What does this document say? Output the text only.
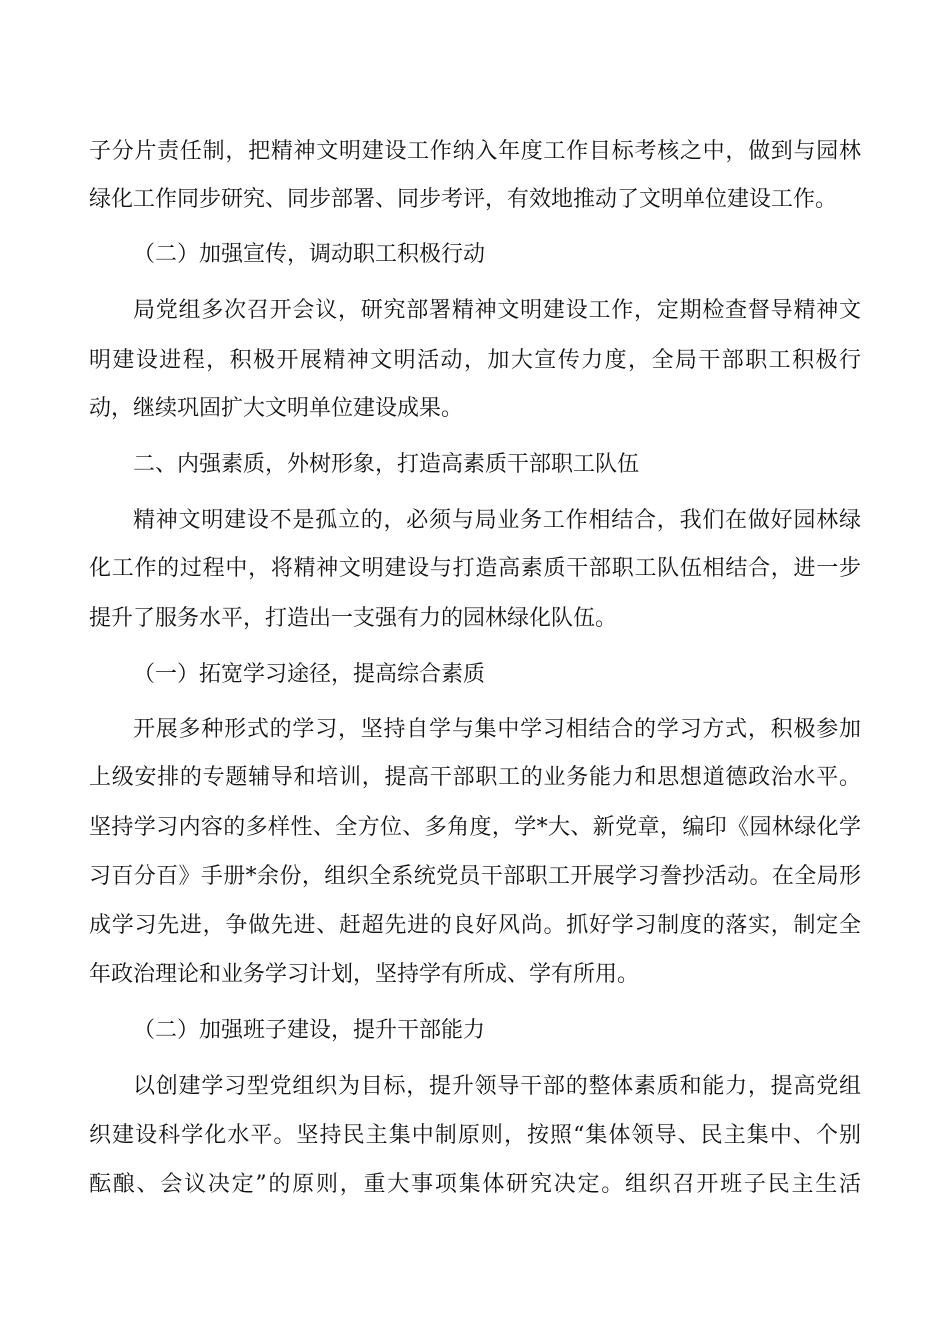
子分片责任制，把精神文明建设工作纳入年度工作目标考核之中，做到与园林
绿化工作同步研究、同步部署、同步考评，有效地推动了文明单位建设工作。
（二）加强宣传，调动职工积极行动
局党组多次召开会议，研究部署精神文明建设工作，定期检查督导精神文
明建设进程，积极开展精神文明活动，加大宣传力度，全局干部职工积极行
动，继续巩固扩大文明单位建设成果。
二、内强素质，外树形象，打造高素质干部职工队伍
精神文明建设不是孤立的，必须与局业务工作相结合，我们在做好园林绿
化工作的过程中，将精神文明建设与打造高素质干部职工队伍相结合，进一步
提升了服务水平，打造出一支强有力的园林绿化队伍。
（一）拓宽学习途径，提高综合素质
开展多种形式的学习，坚持自学与集中学习相结合的学习方式，积极参加
上级安排的专题辅导和培训，提高干部职工的业务能力和思想道德政治水平。
坚持学习内容的多样性、全方位、多角度，学*大、新党章，编印《园林绿化学
习百分百》手册*余份，组织全系统党员干部职工开展学习誊抄活动。在全局形
成学习先进，争做先进、赶超先进的良好风尚。抓好学习制度的落实，制定全
年政治理论和业务学习计划，坚持学有所成、学有所用。
（二）加强班子建设，提升干部能力
以创建学习型党组织为目标，提升领导干部的整体素质和能力，提高党组
织建设科学化水平。坚持民主集中制原则，按照“集体领导、民主集中、个别
酝酿、会议决定”的原则，重大事项集体研究决定。组织召开班子民主生活
